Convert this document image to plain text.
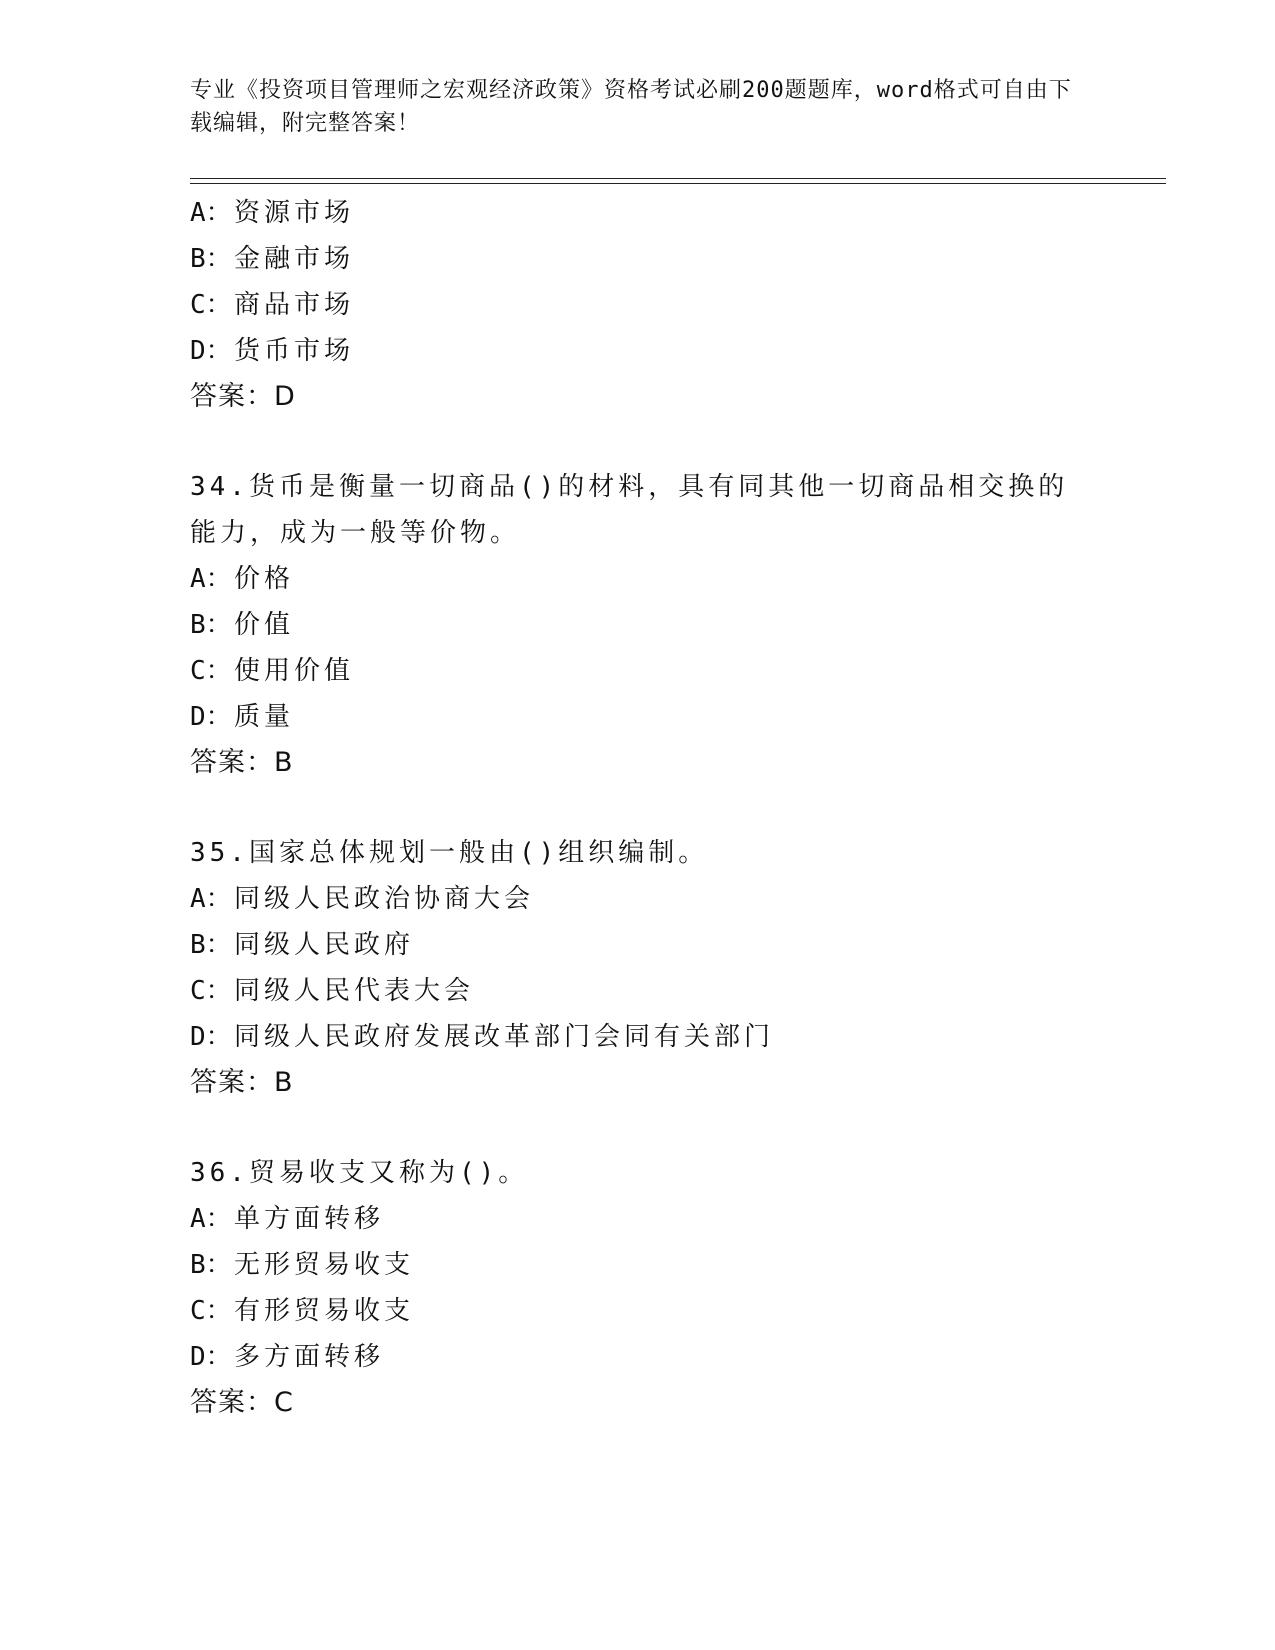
专业《投资项目管理师之宏观经济政策》资格考试必刷200题题库，word格式可自由下载编辑，附完整答案！
A：资源市场
B：金融市场
C：商品市场
D：货币市场
答案：D
34.货币是衡量一切商品()的材料，具有同其他一切商品相交换的能力，成为一般等价物。
A：价格
B：价值
C：使用价值
D：质量
答案：B
35.国家总体规划一般由()组织编制。
A：同级人民政治协商大会
B：同级人民政府
C：同级人民代表大会
D：同级人民政府发展改革部门会同有关部门
答案：B
36.贸易收支又称为()。
A：单方面转移
B：无形贸易收支
C：有形贸易收支
D：多方面转移
答案：C
